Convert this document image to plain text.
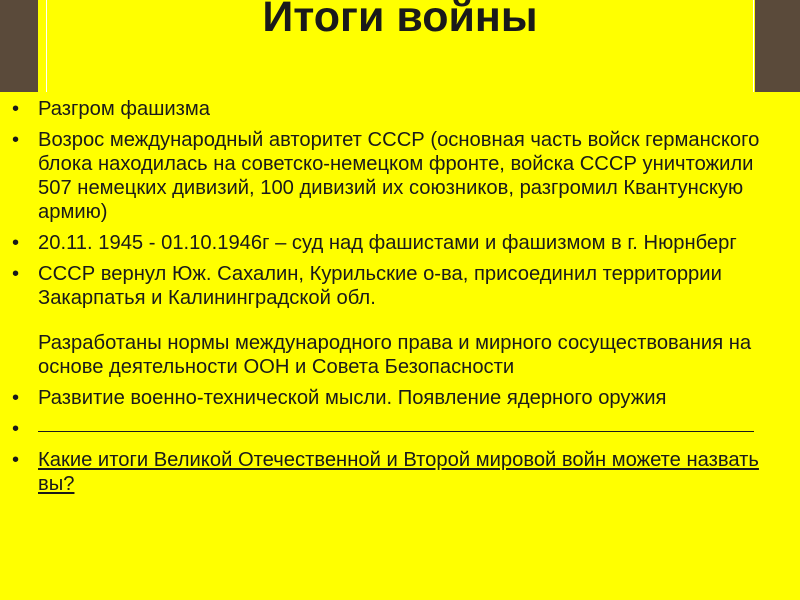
Итоги войны
• Разгром фашизма
• Возрос международный авторитет СССР (основная часть войск германского блока находилась на советско-немецком фронте, войска СССР уничтожили 507 немецких дивизий, 100 дивизий их союзников, разгромил Квантунскую армию)
• 20.11. 1945 - 01.10.1946г – суд над фашистами и фашизмом в г. Нюрнберг
• СССР вернул Юж. Сахалин, Курильские о-ва, присоединил территоррии Закарпатья и Калининградской обл.
Разработаны нормы международного права и мирного сосуществования на основе деятельности ООН и Совета Безопасности
• Развитие военно-технической мысли. Появление ядерного оружия
•
• Какие итоги Великой Отечественной и Второй мировой войн можете назвать вы?
